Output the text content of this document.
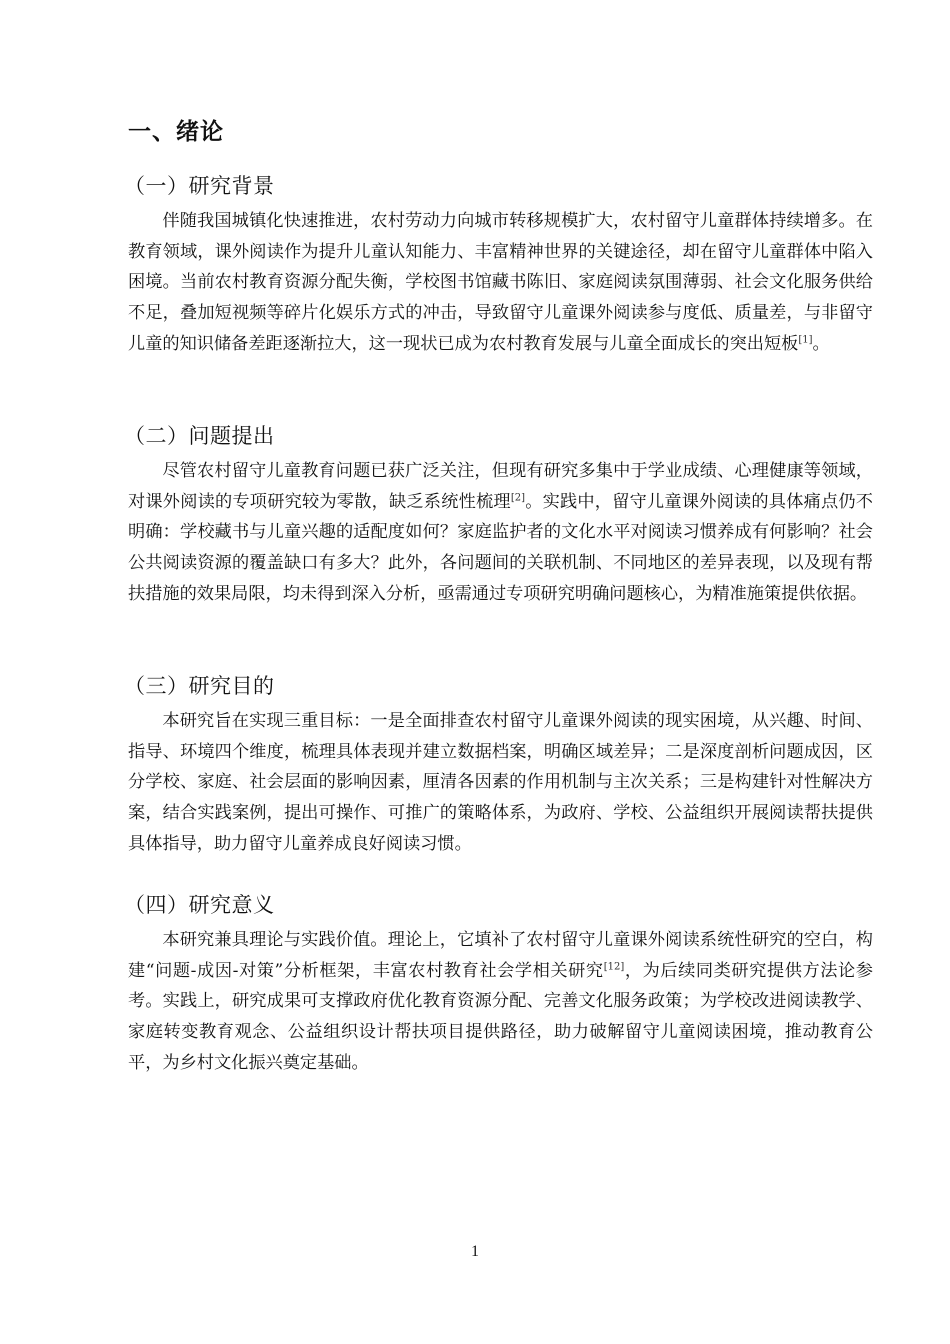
一、绪论
（一）研究背景

伴随我国城镇化快速推进，农村劳动力向城市转移规模扩大，农村留守儿童群体持续增多。在教育领域，课外阅读作为提升儿童认知能力、丰富精神世界的关键途径，却在留守儿童群体中陷入困境。当前农村教育资源分配失衡，学校图书馆藏书陈旧、家庭阅读氛围薄弱、社会文化服务供给不足，叠加短视频等碎片化娱乐方式的冲击，导致留守儿童课外阅读参与度低、质量差，与非留守儿童的知识储备差距逐渐拉大，这一现状已成为农村教育发展与儿童全面成长的突出短板[1]。

（二）问题提出

尽管农村留守儿童教育问题已获广泛关注，但现有研究多集中于学业成绩、心理健康等领域，对课外阅读的专项研究较为零散，缺乏系统性梳理[2]。实践中，留守儿童课外阅读的具体痛点仍不明确：学校藏书与儿童兴趣的适配度如何？家庭监护者的文化水平对阅读习惯养成有何影响？社会公共阅读资源的覆盖缺口有多大？此外，各问题间的关联机制、不同地区的差异表现，以及现有帮扶措施的效果局限，均未得到深入分析，亟需通过专项研究明确问题核心，为精准施策提供依据。

（三）研究目的

本研究旨在实现三重目标：一是全面排查农村留守儿童课外阅读的现实困境，从兴趣、时间、指导、环境四个维度，梳理具体表现并建立数据档案，明确区域差异；二是深度剖析问题成因，区分学校、家庭、社会层面的影响因素，厘清各因素的作用机制与主次关系；三是构建针对性解决方案，结合实践案例，提出可操作、可推广的策略体系，为政府、学校、公益组织开展阅读帮扶提供具体指导，助力留守儿童养成良好阅读习惯。

（四）研究意义

本研究兼具理论与实践价值。理论上，它填补了农村留守儿童课外阅读系统性研究的空白，构建“问题-成因-对策”分析框架，丰富农村教育社会学相关研究[12]，为后续同类研究提供方法论参考。实践上，研究成果可支撑政府优化教育资源分配、完善文化服务政策；为学校改进阅读教学、家庭转变教育观念、公益组织设计帮扶项目提供路径，助力破解留守儿童阅读困境，推动教育公平，为乡村文化振兴奠定基础。

1
